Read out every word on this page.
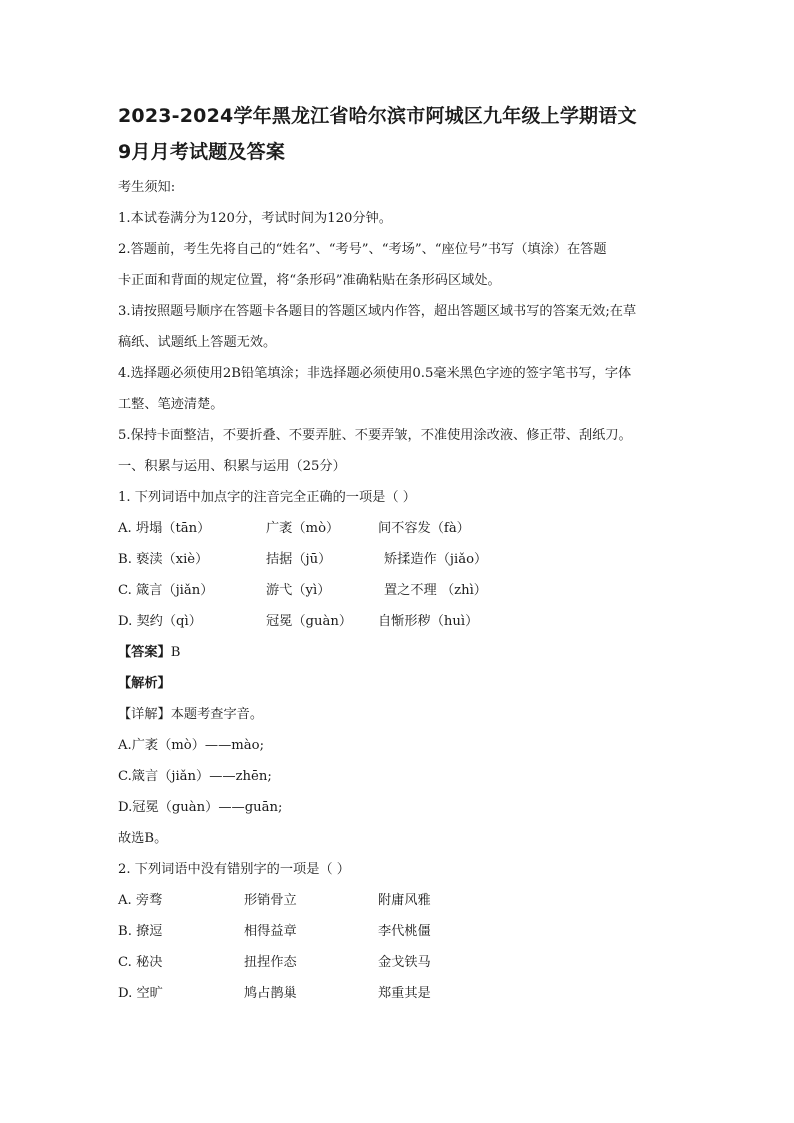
2023-2024学年黑龙江省哈尔滨市阿城区九年级上学期语文
9月月考试题及答案
考生须知:
1.本试卷满分为120分，考试时间为120分钟。
2.答题前，考生先将自己的“姓名”、“考号”、“考场”、“座位号”书写（填涂）在答题
卡正面和背面的规定位置，将“条形码”准确粘贴在条形码区域处。
3.请按照题号顺序在答题卡各题目的答题区域内作答，超出答题区域书写的答案无效;在草
稿纸、试题纸上答题无效。
4.选择题必须使用2B铅笔填涂；非选择题必须使用0.5毫米黑色字迹的签字笔书写，字体
工整、笔迹清楚。
5.保持卡面整洁，不要折叠、不要弄脏、不要弄皱，不准使用涂改液、修正带、刮纸刀。
一、积累与运用、积累与运用（25分）
1. 下列词语中加点字的注音完全正确的一项是（ ）
A. 坍塌（tān）	广袤（mò）	间不容发（fà）
B. 亵渎（xiè）	拮据（jū）	矫揉造作（jiǎo）
C. 箴言（jiǎn）	游弋（yì）	置之不理 （zhì）
D. 契约（qì）	冠冕（guàn） 自惭形秽（huì）
【答案】B
【解析】
【详解】本题考查字音。
A.广袤（mò）——mào;
C.箴言（jiǎn）——zhēn;
D.冠冕（guàn）——guān;
故选B。
2. 下列词语中没有错别字的一项是（ ）
A. 旁骛	形销骨立	附庸风雅
B. 撩逗	相得益章	李代桃僵
C. 秘决	扭捏作态	金戈铁马
D. 空旷	鸠占鹊巢	郑重其是
